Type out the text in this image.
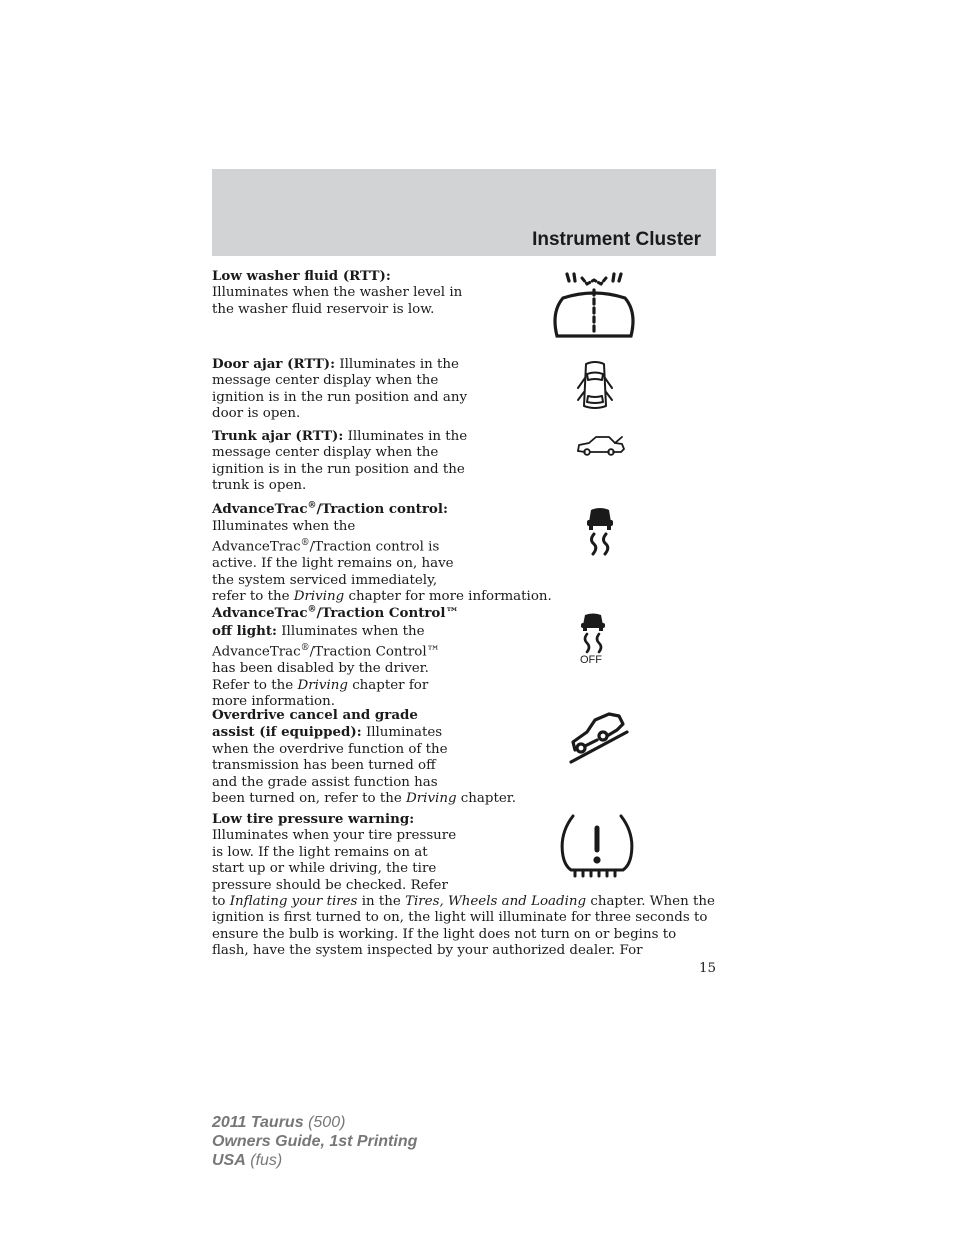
Instrument Cluster
Low washer fluid (RTT):
Illuminates when the washer level in
the washer fluid reservoir is low.
Door ajar (RTT): Illuminates in the message center display when the ignition is in the run position and any door is open.
Trunk ajar (RTT): Illuminates in the message center display when the ignition is in the run position and the trunk is open.
AdvanceTrac®/Traction control:
Illuminates when the AdvanceTrac®/Traction control is active. If the light remains on, have the system serviced immediately,
refer to the Driving chapter for more information.
AdvanceTrac®/Traction Control™ off light: Illuminates when the AdvanceTrac®/Traction Control™ has been disabled by the driver. Refer to the Driving chapter for more information.
OFF
Overdrive cancel and grade assist (if equipped): Illuminates when the overdrive function of the transmission has been turned off and the grade assist function has
been turned on, refer to the Driving chapter.
Low tire pressure warning:
Illuminates when your tire pressure is low. If the light remains on at start up or while driving, the tire pressure should be checked. Refer
to Inflating your tires in the Tires, Wheels and Loading chapter. When the ignition is first turned to on, the light will illuminate for three seconds to ensure the bulb is working. If the light does not turn on or begins to flash, have the system inspected by your authorized dealer. For
15
2011 Taurus (500)
Owners Guide, 1st Printing
USA (fus)
